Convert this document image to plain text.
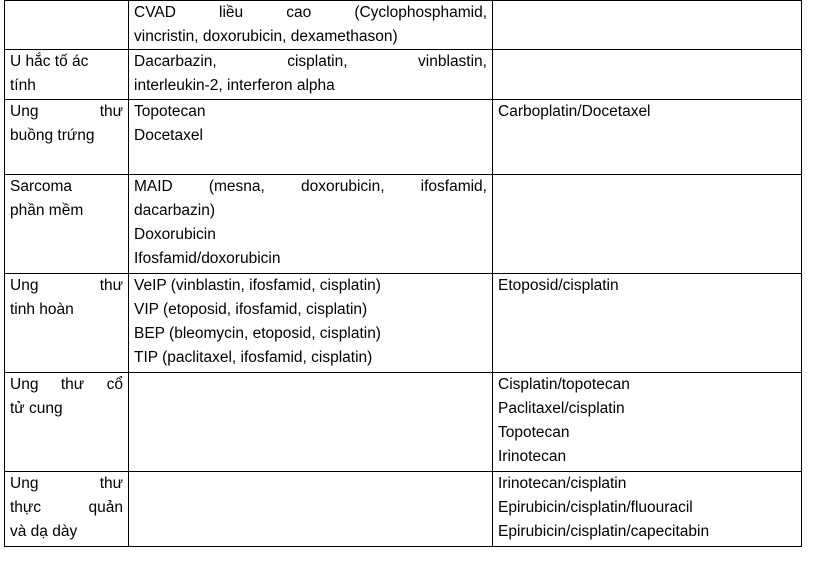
	CVAD liều cao (Cyclophosphamid,
vincristin, doxorubicin, dexamethason)	

U hắc tố ác
tính	Dacarbazin, cisplatin, vinblastin,
interleukin-2, interferon alpha	

Ung thư
buồng trứng	Topotecan
Docetaxel	Carboplatin/Docetaxel

Sarcoma
phần mềm	MAID (mesna, doxorubicin, ifosfamid,
dacarbazin)
Doxorubicin
Ifosfamid/doxorubicin	

Ung thư
tinh hoàn	VeIP (vinblastin, ifosfamid, cisplatin)
VIP (etoposid, ifosfamid, cisplatin)
BEP (bleomycin, etoposid, cisplatin)
TIP (paclitaxel, ifosfamid, cisplatin)	Etoposid/cisplatin

Ung thư cổ
tử cung		Cisplatin/topotecan
Paclitaxel/cisplatin
Topotecan
Irinotecan

Ung thư
thực quản
và dạ dày		Irinotecan/cisplatin
Epirubicin/cisplatin/fluouracil
Epirubicin/cisplatin/capecitabin
